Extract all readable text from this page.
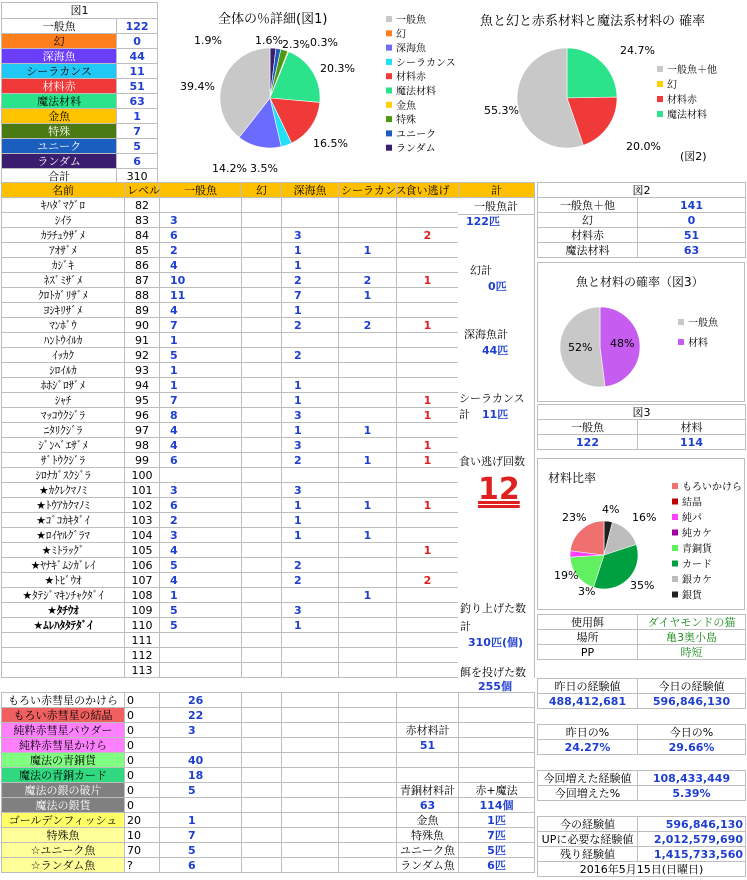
図1	
一般魚	122
幻	0
深海魚	44
シーラカンス	11
材料赤	51
魔法材料	63
金魚	1
特殊	7
ユニーク	5
ランダム	6
合計	310
全体の％詳細(図1)
1.9%	1.6% 2.3% 0.3%
20.3%
16.5%
3.5%
14.2%
39.4%
一般魚
幻
深海魚
シーラカンス
材料赤
魔法材料
金魚
特殊
ユニーク
ランダム
魚と幻と赤系材料と魔法系材料の 確率
24.7%
55.3%
20.0%
一般魚＋他
幻
材料赤
魔法材料
(図2)
名前	レベル	一般魚	幻	深海魚	シーラカンス	食い逃げ	計
ｷﾊﾀﾞﾏｸﾞﾛ	82						
ｼｲﾗ	83	3					
ｶﾗﾁｭｳｻﾞﾒ	84	6		3		2	
ｱｵｻﾞﾒ	85	2		1	1		
ｶｼﾞｷ	86	4		1			
ﾈｽﾞﾐｻﾞﾒ	87	10		2	2	1	
ｸﾛﾄｶﾞﾘｻﾞﾒ	88	11		7	1		
ﾖｼｷﾘｻﾞﾒ	89	4		1			
ﾏﾝﾎﾞｳ	90	7		2	2	1	
ﾊﾝﾄｳｲﾙｶ	91	1					
ｲｯｶｸ	92	5		2			
ｼﾛｲﾙｶ	93	1					
ﾎﾎｼﾞﾛｻﾞﾒ	94	1		1			
ｼｬﾁ	95	7		1		1	
ﾏｯｺｳｸｼﾞﾗ	96	8		3		1	
ﾆﾀﾘｸｼﾞﾗ	97	4		1	1		
ｼﾞﾝﾍﾞｴｻﾞﾒ	98	4		3		1	
ｻﾞﾄｳｸｼﾞﾗ	99	6		2	1	1	
ｼﾛﾅｶﾞｽｸｼﾞﾗ	100						
★ｶｸﾚｸﾏﾉﾐ	101	3		3			
★ﾄｳｱｶｸﾏﾉﾐ	102	6		1	1	1	
★ｺﾞｺｶｷﾀﾞｲ	103	2		1			
★ﾛｲﾔﾙｸﾞﾗﾏ	104	3		1	1		
★ﾐﾄﾗｯｸﾞ	105	4				1	
★ﾔﾅｷﾞﾑｼｶﾞﾚｲ	106	5		2			
★ﾄﾋﾞｳｵ	107	4		2		2	
★ﾀﾃｼﾞﾏｷﾝﾁｬｸﾀﾞｲ	108	1			1		
★ﾀﾁｳｵ	109	5		3			
★ﾑﾚﾊﾀﾀﾃﾀﾞｲ	110	5		1			
	111						
	112						
	113						
一般魚計
122匹
幻計
0匹
深海魚計
44匹
シーラカンス計	11匹
食い逃げ回数
12
釣り上げた数
計
310匹(個)
餌を投げた数
255個
もろい赤彗星のかけら	0	26					
もろい赤彗星の結晶	0	22					
純粋赤彗星パウダー	0	3				赤材料計	
純粋赤彗星かけら	0					51	
魔法の青銅貨	0	40					
魔法の青銅カード	0	18					
魔法の銀の破片	0	5				青銅材料計	赤+魔法
魔法の銀貨	0					63	114個
ゴールデンフィッシュ	20	1				金魚	1匹
特殊魚	10	7				特殊魚	7匹
☆ユニーク魚	70	5				ユニーク魚	5匹
☆ランダム魚	?	6				ランダム魚	6匹
図2	
一般魚＋他	141
幻	0
材料赤	51
魔法材料	63
魚と材料の確率（図3）
52% 48%
一般魚
材料
図3	
一般魚	材料
122	114
材料比率
4%
16%
35%
3%
19%
23%
もろいかけら
結晶
純パ
純カケ
青銅貨
カード
銀カケ
銀貨
使用餌	ダイヤモンドの猫
場所	亀3奥小島
PP	時短
昨日の経験値	今日の経験値
488,412,681	596,846,130

昨日の%	今日の%
24.27%	29.66%

今回増えた経験値	108,433,449
今回増えた%	5.39%

今の経験値	596,846,130
UPに必要な経験値	2,012,579,690
残り経験値	1,415,733,560
2016年5月15日(日曜日)	
